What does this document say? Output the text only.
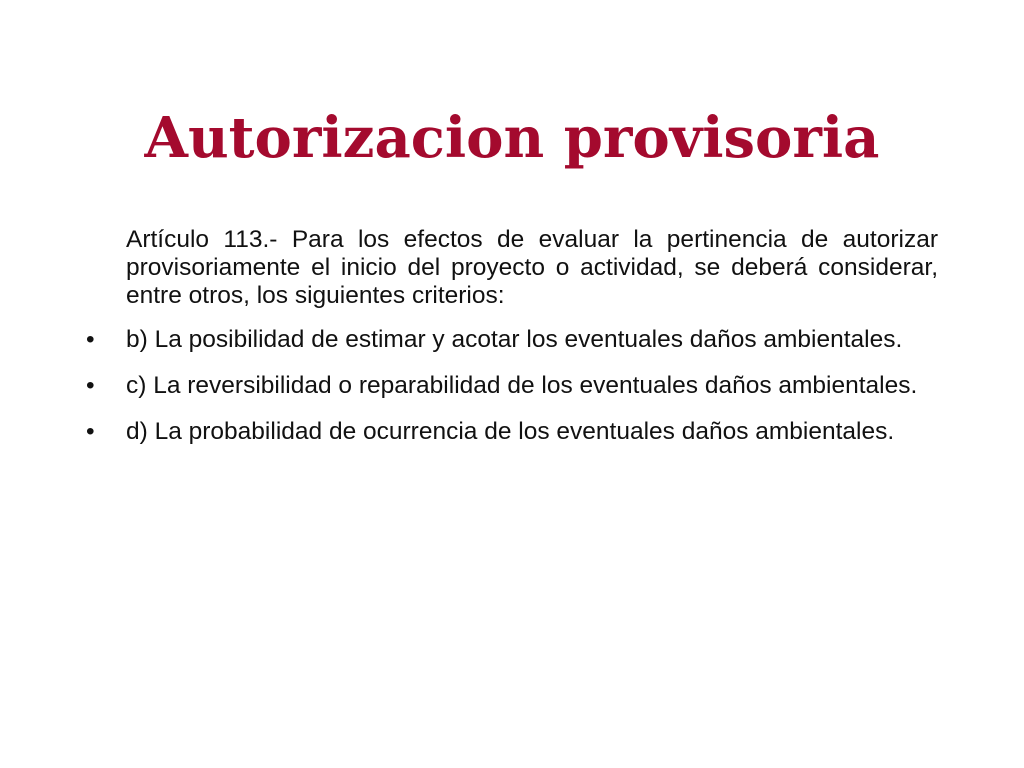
Autorizacion provisoria

Artículo 113.- Para los efectos de evaluar la pertinencia de autorizar provisoriamente el inicio del proyecto o actividad, se deberá considerar, entre otros, los siguientes criterios:

•	b) La posibilidad de estimar y acotar los eventuales daños ambientales.
•	c) La reversibilidad o reparabilidad de los eventuales daños ambientales.
•	d) La probabilidad de ocurrencia de los eventuales daños ambientales.
